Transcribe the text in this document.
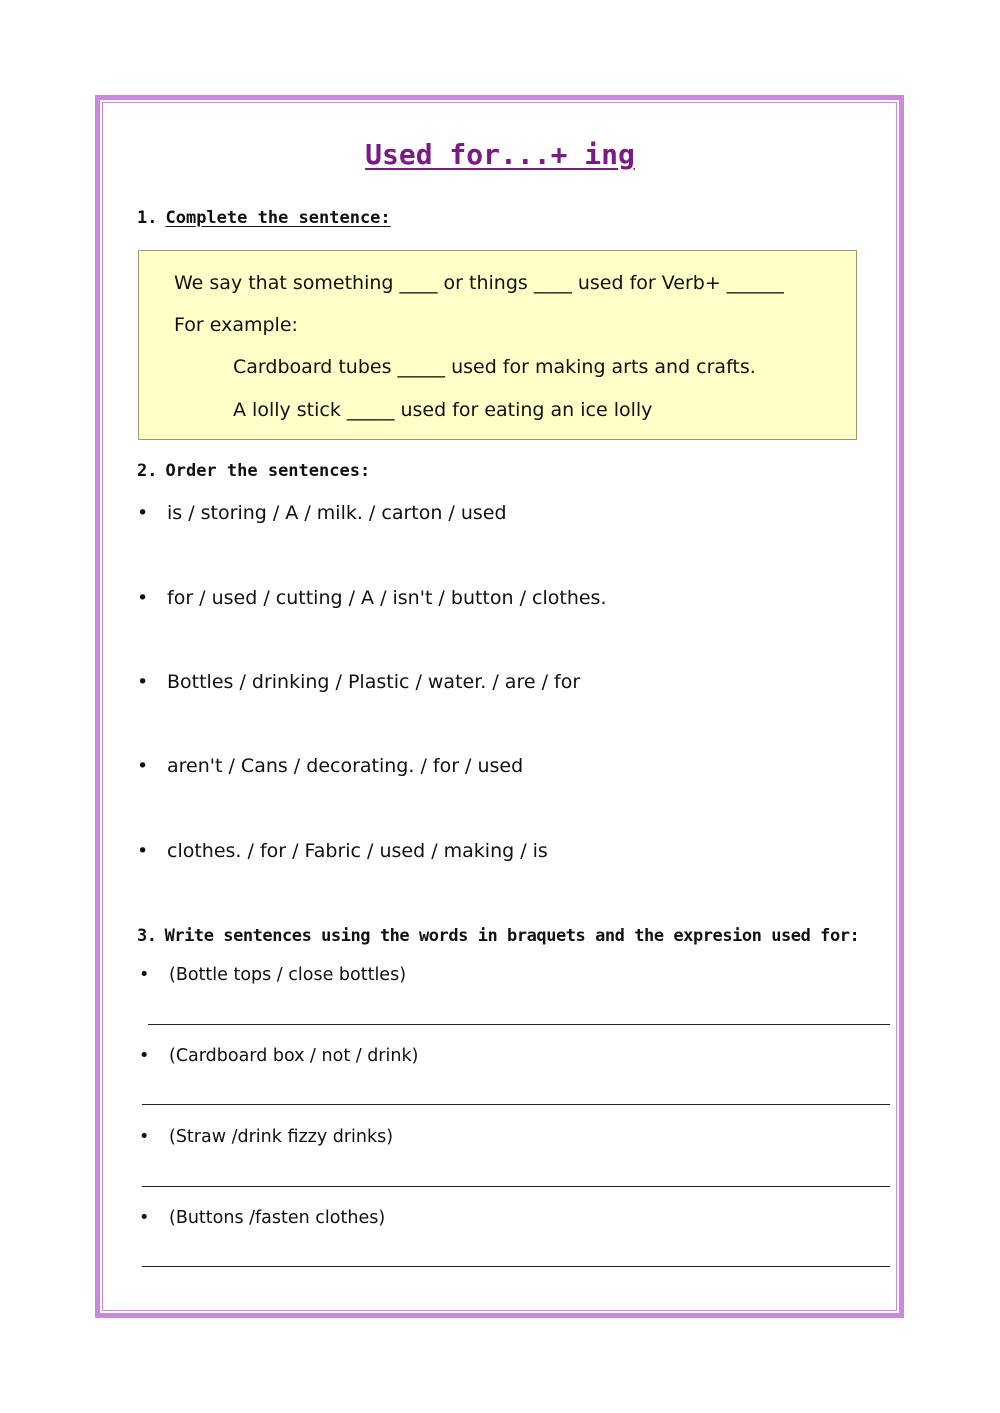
Used for...+ ing
1. Complete the sentence:
We say that something ____ or things ____ used for Verb+ ______
For example:
Cardboard tubes _____ used for making arts and crafts.
A lolly stick _____ used for eating an ice lolly
2. Order the sentences:
• is / storing / A / milk. / carton / used
• for / used / cutting / A / isn't / button / clothes.
• Bottles / drinking / Plastic / water. / are / for
• aren't / Cans / decorating. / for / used
• clothes. / for / Fabric / used / making / is
3. Write sentences using the words in braquets and the expresion used for:
• (Bottle tops / close bottles)
• (Cardboard box / not / drink)
• (Straw /drink fizzy drinks)
• (Buttons /fasten clothes)
